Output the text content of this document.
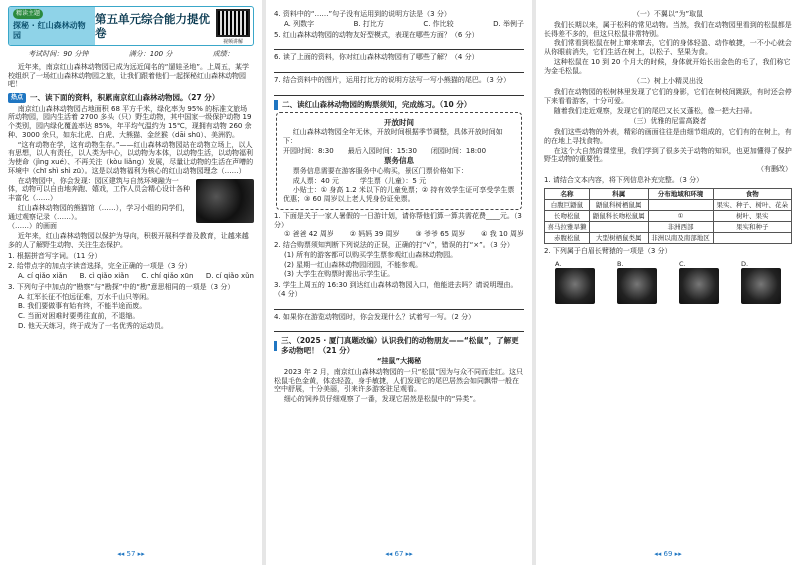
精读主题
探秘 · 红山森林动物园
第五单元综合能力提优卷
视频讲解
考试时间：90 分钟	满分：100 分	成绩：

近年来，南京红山森林动物园已成为远近闻名的“遛娃圣地”。上周五，某学校组织了一场红山森林动物园之旅，让我们跟着他们一起探秘红山森林动物园吧！

热点 一、读下面的资料，积累南京红山森林动物园。（27 分）

南京红山森林动物园占地面积 68 平方千米，绿化率为 95% 的标准文旅场所动物园，园内生活着 2700 多头（只）野生动物，其中国家一级保护动物 19 个类别，园内绿化覆盖率达 85%，年平均气温约为 15℃，现拥有动物 260 余种、3000 余只，如东北虎、白虎、大熊猫、金丝猴（dāi shū）、美洲豹。

“这有动物在学，这有动物生存。”——红山森林动物园站在动物立场上，以人有思想，以人有责任，以人类为中心，以动物为本体，以动物生活，以动物福利为使命（jìng xué）、不再关注（kòu liǎng）发展，尽量让动物的生活在声嘈的环境中（chī shì shì zū）。这是以动物福利为核心的红山动物园理念（……）

在动物园中，你会发现：园区建筑与自然环境融为一体，动物可以自由地奔跑、嬉戏，工作人员会精心设计各种丰富化（……）

红山森林动物园的熊猫馆（……），学习小组的同学们，通过观察记录（……）。

（……）的画面

近年来，红山森林动物园以保护为导向，积极开展科学普及教育，让越来越多的人了解野生动物、关注生态保护。

1. 根据拼音写字词。（11 分）
2. 给带点字的加点字读音选择，完全正确的一项是（3 分）
A. cí qiǎo xiǎn B. cì qiǎo xiǎn C. chí qiǎo xūn D. cí qiǎo xǔn
3. 下列句子中加点的“勘察”与“勘探”中的“勘”意思相同的一项是（3 分）
A. 红军长征不怕远征难，万水千山只等闲。
B. 我们要做事有始有终，不能半途而废。
C. 当面对困难时要勇往直前，不退缩。
D. 他天天练习，终于成为了一名优秀的运动员。
◂◂ 57 ▸▸
4. 资料中的“……”句子没有运用到的说明方法是（3 分）
A. 列数字	B. 打比方	C. 作比较	D. 举例子
5. 红山森林动物园的动物友好型模式，表现在哪些方面？（6 分）
6. 读了上面的资料，你对红山森林动物园有了哪些了解？（4 分）
7. 结合资料中的图片，运用打比方的说明方法写一写小熊猫的尾巴。（3 分）
二、读红山森林动物园的购票须知，完成练习。（10 分）
开放时间

红山森林动物园全年无休，开放时间根据季节调整，具体开放时间如下：

开园时间：8:30　　最后入园时间：15:30　　闭园时间：18:00

票务信息

票务信息需要在游客服务中心购买，景区门票价格如下：

成人票：40 元　　　学生票（儿童）：5 元

小贴士：① 身高 1.2 米以下的儿童免票；② 持有效学生证可享受学生票优惠；③ 60 周岁以上老人凭身份证免票。

1. 下面是关于一家人暑假的一日游计划，请你帮他们算一算共需花费____元。（3 分）
① 爸爸 42 周岁 ② 妈妈 39 周岁 ③ 爷爷 65 周岁 ④ 我 10 周岁
2. 结合购票须知判断下列说法的正误，正确的打“√”，错误的打“×”。（3 分）
(1) 所有的游客都可以购买学生票参观红山森林动物园。
(2) 星期一红山森林动物园闭园，不能参观。
(3) 大学生在购票时需出示学生证。
3. 学生上周五的 16:30 到达红山森林动物园入口，他能进去吗？请说明理由。（4 分）
4. 如果你在游览动物园时，你会发现什么？试着写一写。（2 分）
三、（2025 · 厦门真题改编）认识我们的动物朋友——“松鼠”，了解更多动物吧！（21 分）
“挂鼠”大揭秘

2023 年 2 月，南京红山森林动物园的一只“松鼠”因为与众不同而走红。这只松鼠毛色金黄，体态轻盈，身手敏捷，人们发现它的尾巴居然会如同飘带一般在空中舒展，十分美丽，引来许多游客驻足观看。

细心的饲养员仔细观察了一番，发现它居然是松鼠中的“异类”。

◂◂ 67 ▸▸
（一）不翼以“为”取鼠

我们长期以来，属于松科的常见动物。当然，我们在动物园里看到的松鼠都是长得差不多的，但这只松鼠非常特别。

我们常看到松鼠在树上窜来窜去，它们的身体轻盈、动作敏捷，一不小心就会从你眼前消失，它们生活在树上，以松子、坚果为食。

这种松鼠在 10 到 20 个月大的时候，身体就开始长出金色的毛了，我们称它为金毛松鼠。

（二）树上小精灵出没

我们在动物园的松树林里发现了它们的身影，它们在树枝间跳跃，有时还会停下来看看游客，十分可爱。

随着我们走近观察，发现它们的尾巴又长又蓬松，像一把大扫帚。

（三）优雅的尼雷高跷者

我们这些动物的外表，精彩的画面往往是由细节组成的，它们有的在树上，有的在地上寻找食物。

在这个大自然的课堂里，我们学到了很多关于动物的知识，也更加懂得了保护野生动物的重要性。

（有删改）
1. 请结合文本内容，将下列信息补充完整。（3 分）
名称	科属	分布地域和环境	食物
白腹巨鼯鼠	鼯鼠科树栖鼠属		果实、种子、树叶、花朵
长吻松鼠	鼯鼠科长吻松鼠属	①	树叶、果实
喜马拉雅旱獭		非洲西部	果实和种子
赤腹松鼠	大型树栖鼠类属	非洲以南及南部地区	
2. 下列属于白眉长臂猿的一项是（3 分）
A.	B.	C.	D.
◂◂ 69 ▸▸
